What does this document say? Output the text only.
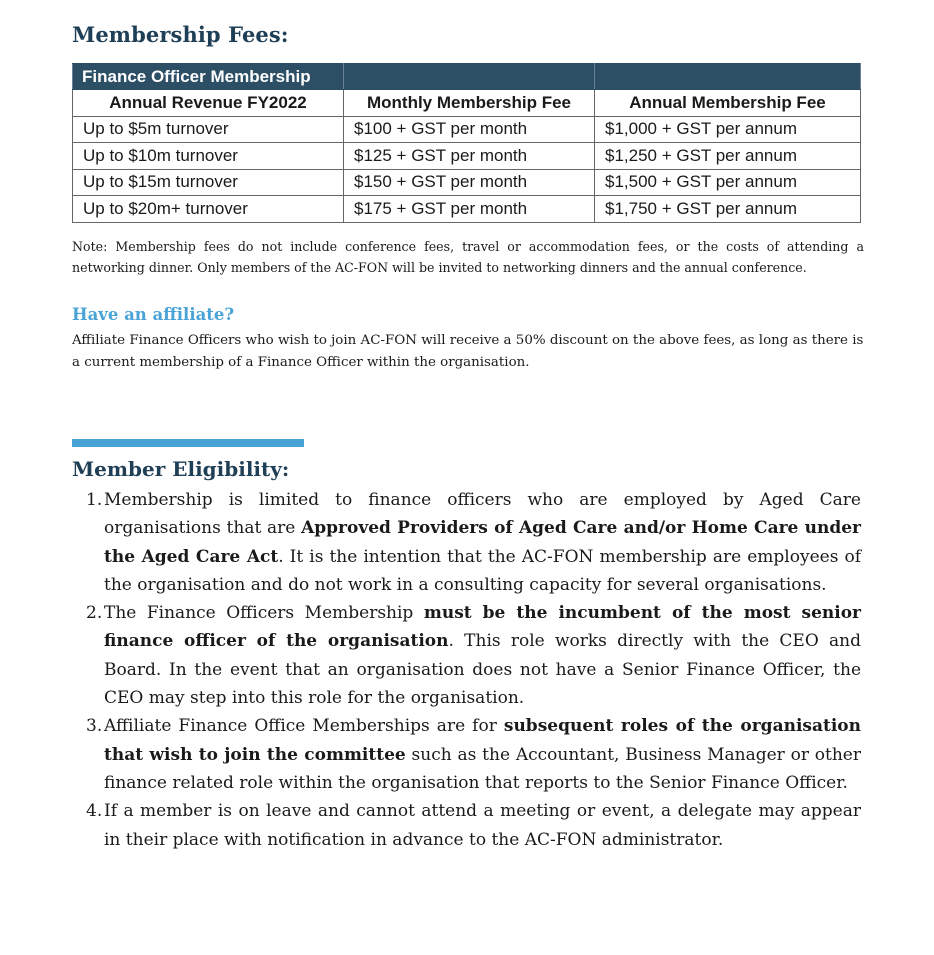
Membership Fees:
Finance Officer Membership		
Annual Revenue FY2022	Monthly Membership Fee	Annual Membership Fee
Up to $5m turnover	$100 + GST per month	$1,000 + GST per annum
Up to $10m turnover	$125 + GST per month	$1,250 + GST per annum
Up to $15m turnover	$150 + GST per month	$1,500 + GST per annum
Up to $20m+ turnover	$175 + GST per month	$1,750 + GST per annum
Note: Membership fees do not include conference fees, travel or accommodation fees, or the costs of attending a networking dinner. Only members of the AC-FON will be invited to networking dinners and the annual conference.
Have an affiliate?
Affiliate Finance Officers who wish to join AC-FON will receive a 50% discount on the above fees, as long as there is a current membership of a Finance Officer within the organisation.
Member Eligibility:
1. Membership is limited to finance officers who are employed by Aged Care organisations that are Approved Providers of Aged Care and/or Home Care under the Aged Care Act. It is the intention that the AC-FON membership are employees of the organisation and do not work in a consulting capacity for several organisations.
2. The Finance Officers Membership must be the incumbent of the most senior finance officer of the organisation. This role works directly with the CEO and Board. In the event that an organisation does not have a Senior Finance Officer, the CEO may step into this role for the organisation.
3. Affiliate Finance Office Memberships are for subsequent roles of the organisation that wish to join the committee such as the Accountant, Business Manager or other finance related role within the organisation that reports to the Senior Finance Officer.
4. If a member is on leave and cannot attend a meeting or event, a delegate may appear in their place with notification in advance to the AC-FON administrator.
